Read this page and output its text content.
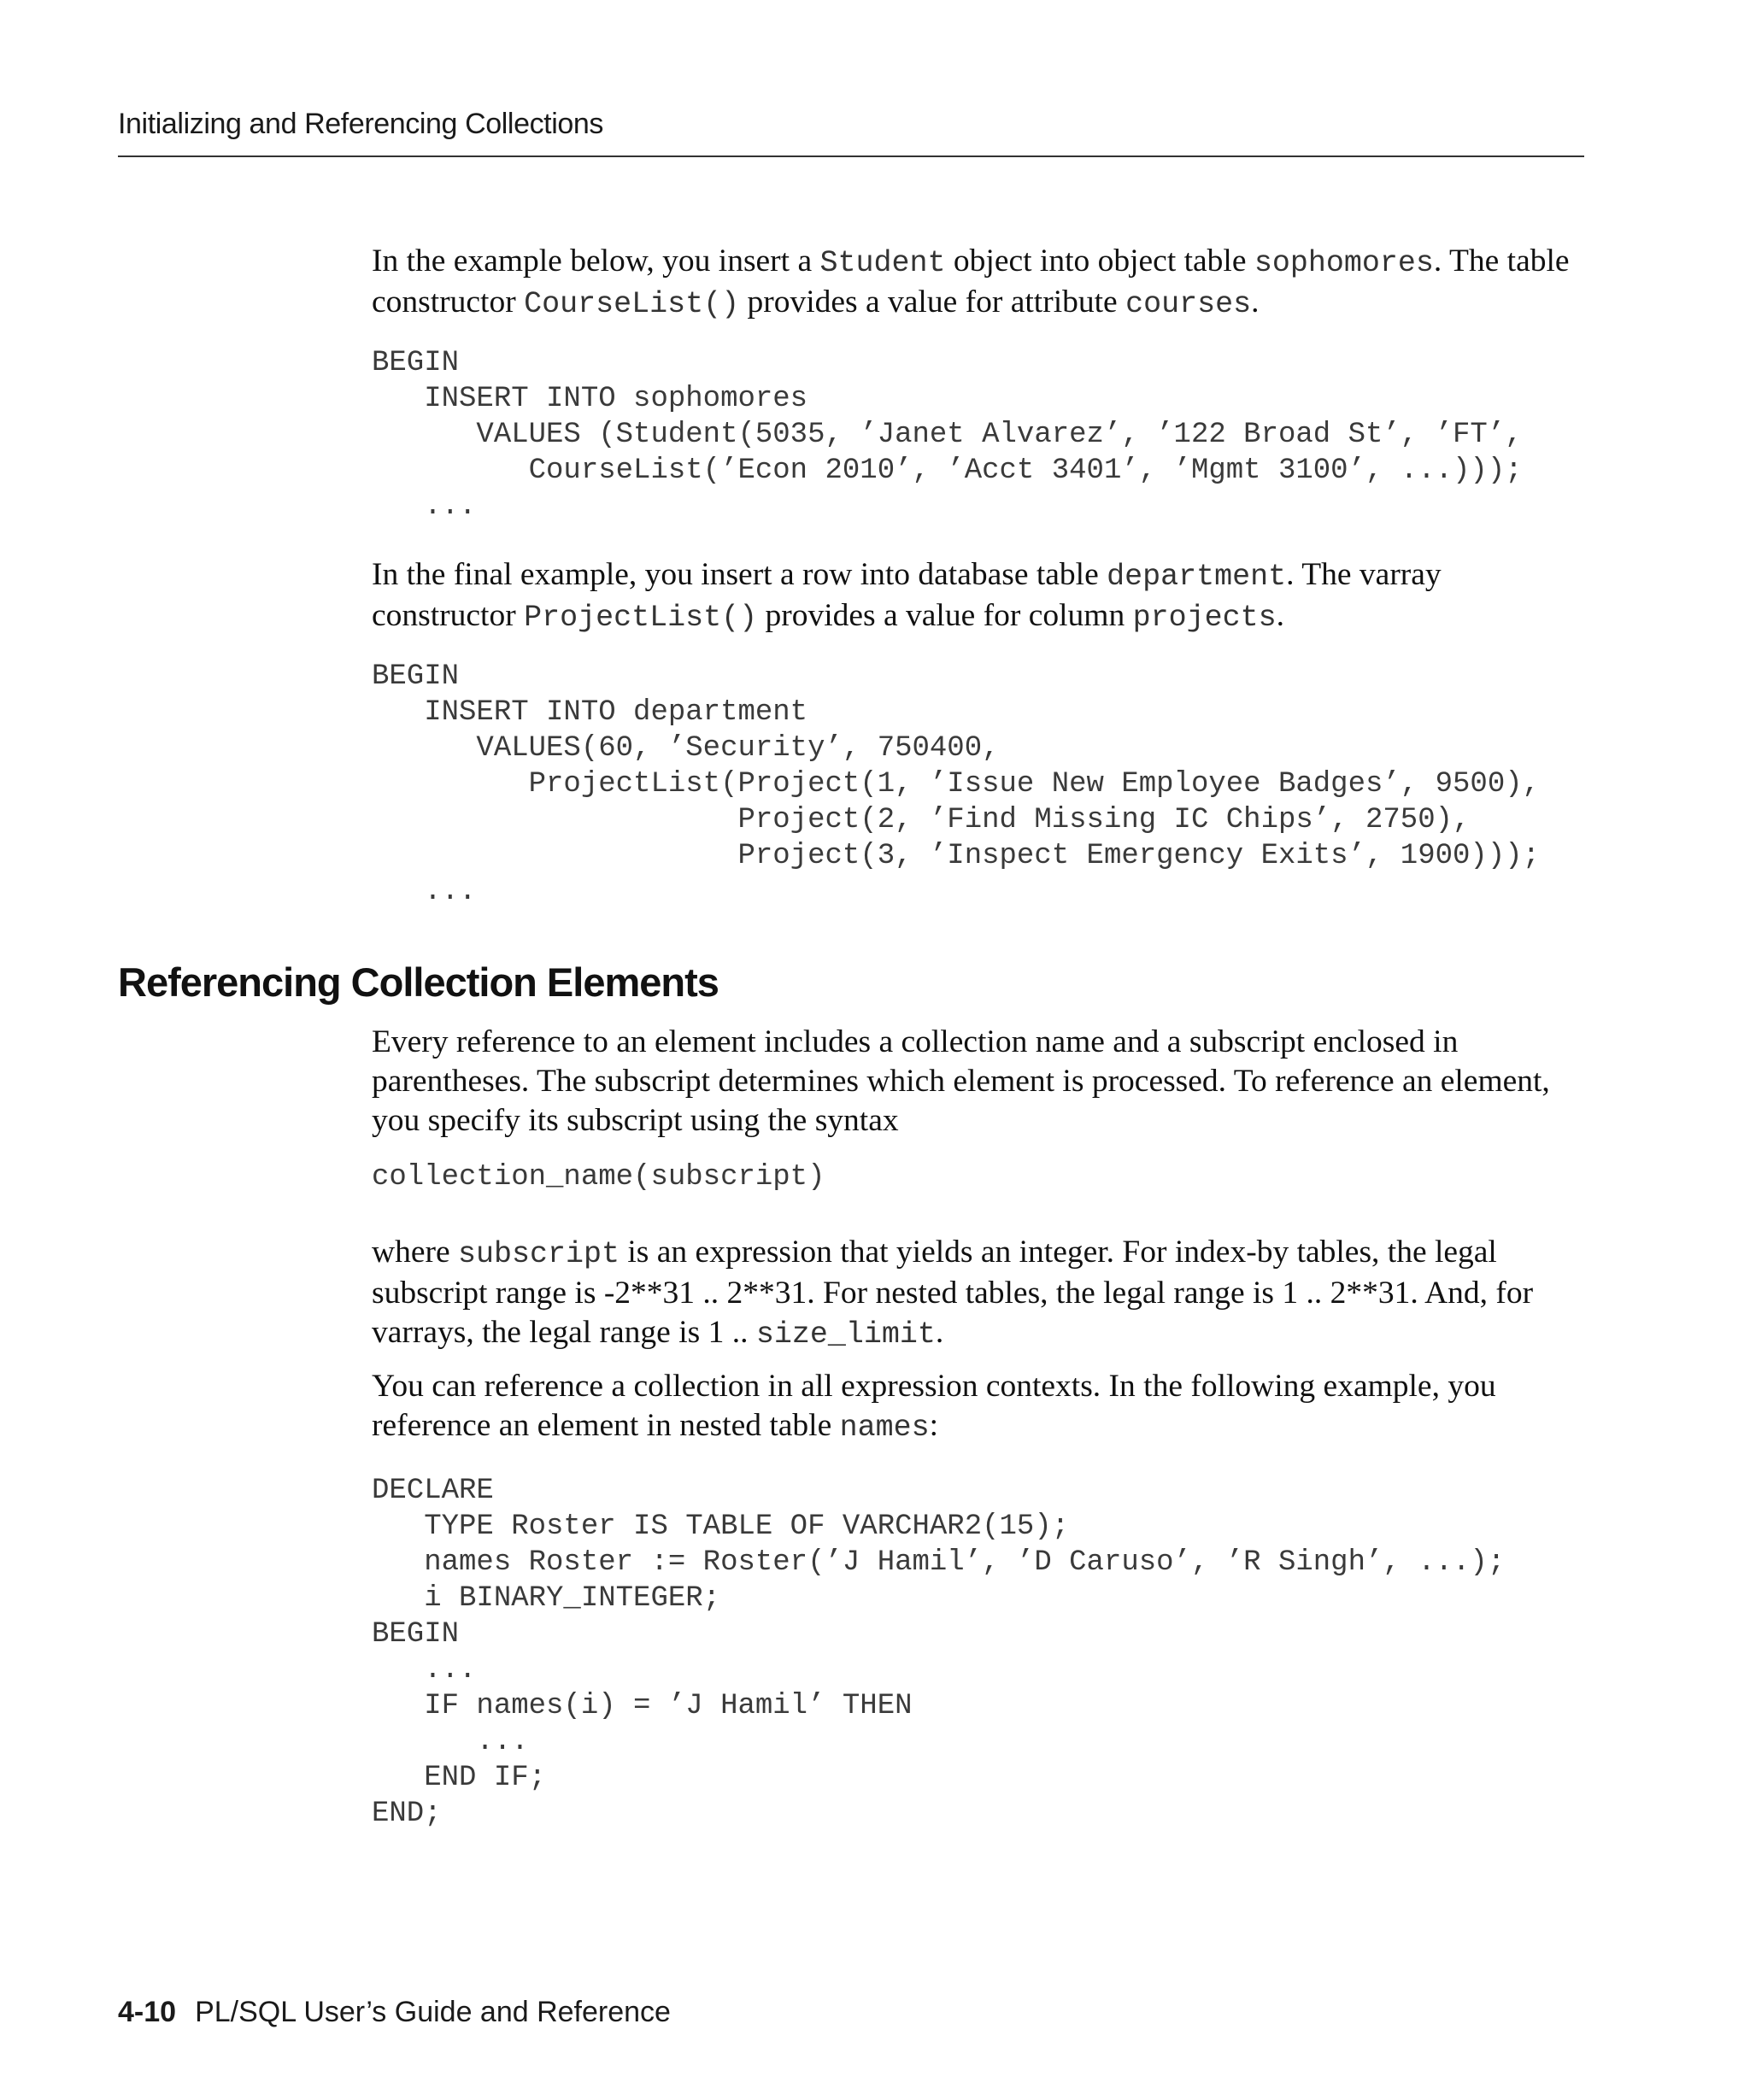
Initializing and Referencing Collections

In the example below, you insert a Student object into object table sophomores. The table constructor CourseList() provides a value for attribute courses.

BEGIN
INSERT INTO sophomores
VALUES (Student(5035, ’Janet Alvarez’, ’122 Broad St’, ’FT’,
CourseList(’Econ 2010’, ’Acct 3401’, ’Mgmt 3100’, ...)));
...

In the final example, you insert a row into database table department. The varray constructor ProjectList() provides a value for column projects.

BEGIN
INSERT INTO department
VALUES(60, ’Security’, 750400,
ProjectList(Project(1, ’Issue New Employee Badges’, 9500),
Project(2, ’Find Missing IC Chips’, 2750),
Project(3, ’Inspect Emergency Exits’, 1900)));
...
Referencing Collection Elements

Every reference to an element includes a collection name and a subscript enclosed in parentheses. The subscript determines which element is processed. To reference an element, you specify its subscript using the syntax

collection_name(subscript)

where subscript is an expression that yields an integer. For index-by tables, the legal subscript range is -2**31 .. 2**31. For nested tables, the legal range is 1 .. 2**31. And, for varrays, the legal range is 1 .. size_limit.

You can reference a collection in all expression contexts. In the following example, you reference an element in nested table names:

DECLARE
TYPE Roster IS TABLE OF VARCHAR2(15);
names Roster := Roster(’J Hamil’, ’D Caruso’, ’R Singh’, ...);
i BINARY_INTEGER;
BEGIN
...
IF names(i) = ’J Hamil’ THEN
...
END IF;
END;
4-10 PL/SQL User’s Guide and Reference
